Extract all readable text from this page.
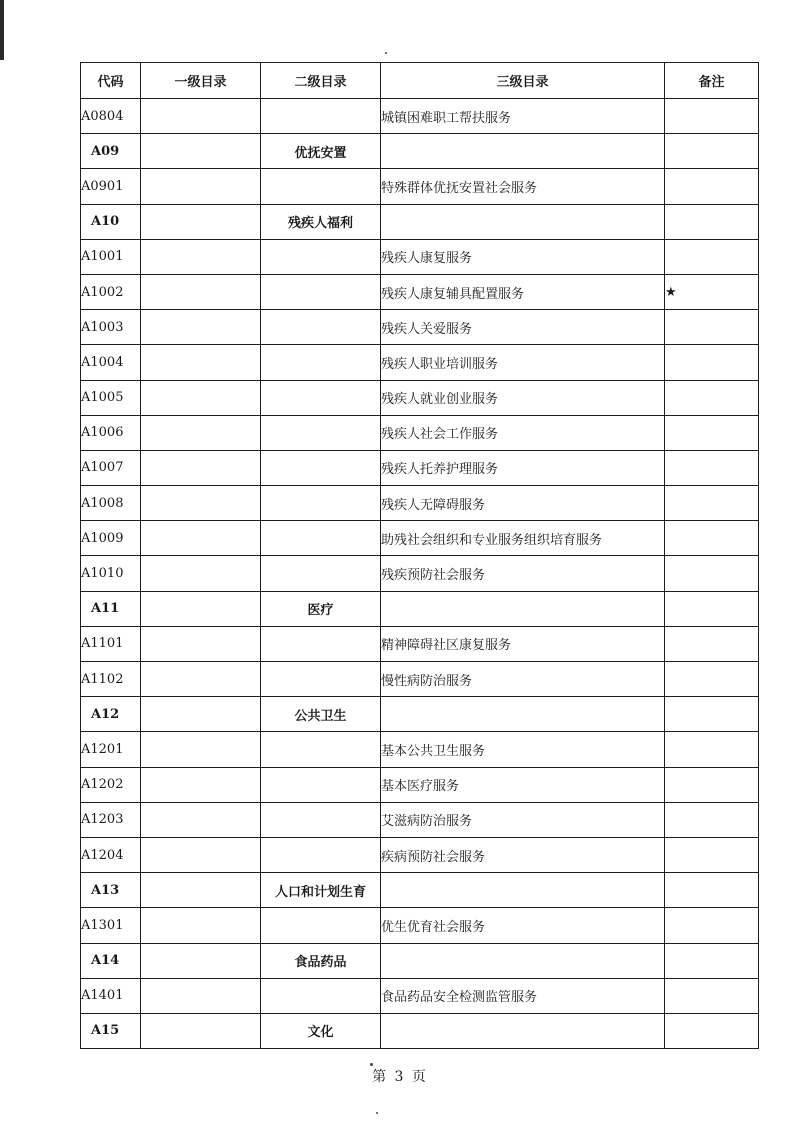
代码	一级目录	二级目录	三级目录	备注
A0804			城镇困难职工帮扶服务	
A09		优抚安置		
A0901			特殊群体优抚安置社会服务	
A10		残疾人福利		
A1001			残疾人康复服务	
A1002			残疾人康复辅具配置服务	★
A1003			残疾人关爱服务	
A1004			残疾人职业培训服务	
A1005			残疾人就业创业服务	
A1006			残疾人社会工作服务	
A1007			残疾人托养护理服务	
A1008			残疾人无障碍服务	
A1009			助残社会组织和专业服务组织培育服务	
A1010			残疾预防社会服务	
A11		医疗		
A1101			精神障碍社区康复服务	
A1102			慢性病防治服务	
A12		公共卫生		
A1201			基本公共卫生服务	
A1202			基本医疗服务	
A1203			艾滋病防治服务	
A1204			疾病预防社会服务	
A13		人口和计划生育		
A1301			优生优育社会服务	
A14		食品药品		
A1401			食品药品安全检测监管服务	
A15		文化		
第 3 页
